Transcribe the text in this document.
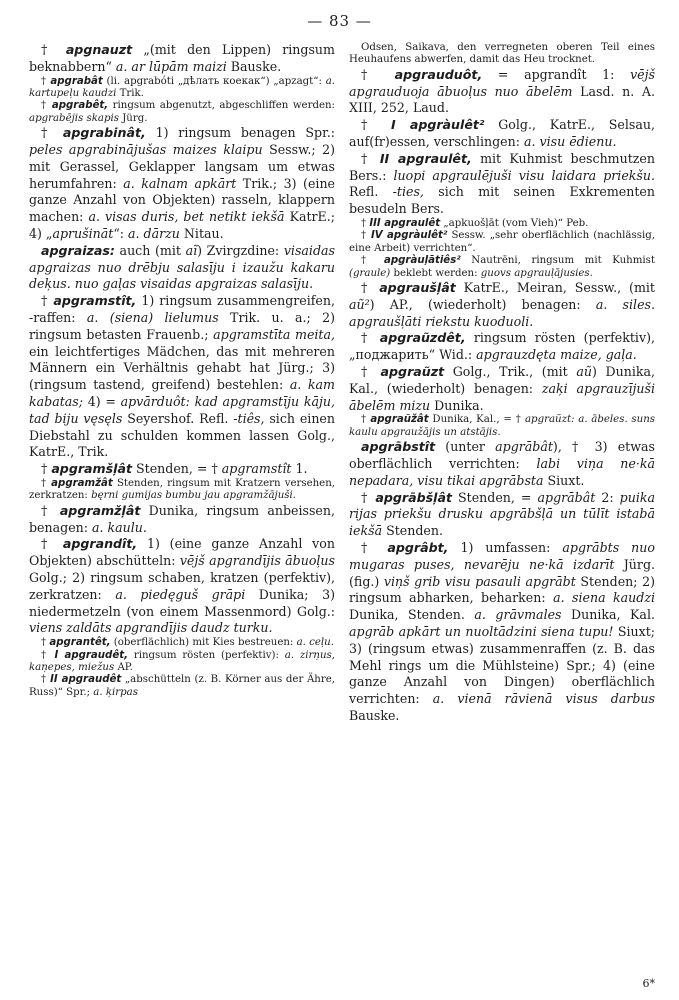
— 83 —

† apgnauzt „(mit den Lippen) ringsum beknabbern“ a. ar lūpām maizi Bauske.

† apgrabât (li. apgrabóti „дѣлать коекак“) „apzagt“: a. kartupeļu kaudzi Trik.

† apgrabêt, ringsum abgenutzt, abgeschliffen werden: apgrabējis skapis Jürg.

† apgrabinât, 1) ringsum benagen Spr.: peles apgrabinājušas maizes klaipu Sessw.; 2) mit Gerassel, Geklapper langsam um etwas herumfahren: a. kalnam apkārt Trik.; 3) (eine ganze Anzahl von Objekten) rasseln, klappern machen: a. visas duris, bet netikt iekšā KatrE.; 4) „aprušināt“: a. dārzu Nitau.

apgraizas: auch (mit aĩ) Zvirgzdine: visaidas apgraizas nuo drēbju salasīju i izaužu kakaru deķus. nuo gaļas visaidas apgraizas salasīju.

† apgramstît, 1) ringsum zusammengreifen, -raffen: a. (siena) lielumus Trik. u. a.; 2) ringsum betasten Frauenb.; apgramstīta meita, ein leichtfertiges Mädchen, das mit mehreren Männern ein Verhältnis gehabt hat Jürg.; 3) (ringsum tastend, greifend) bestehlen: a. kam kabatas; 4) = apvārduôt: kad apgramstīju kāju, tad biju vęsęls Seyershof. Refl. -tiês, sich einen Diebstahl zu schulden kommen lassen Golg., KatrE., Trik.

† apgramšļât Stenden, = † apgramstît 1.

† apgramžât Stenden, ringsum mit Kratzern versehen, zerkratzen: bęrni gumijas bumbu jau apgramžājuši.

† apgramžļât Dunika, ringsum anbeissen, benagen: a. kaulu.

† apgrandît, 1) (eine ganze Anzahl von Objekten) abschütteln: vējš apgrandījis ābuoļus Golg.; 2) ringsum schaben, kratzen (perfektiv), zerkratzen: a. piedęguš grāpi Dunika; 3) niedermetzeln (von einem Massenmord) Golg.: viens zaldāts apgrandījis daudz turku.

† apgrantêt, (oberflächlich) mit Kies bestreuen: a. ceļu.

† I apgraudêt, ringsum rösten (perfektiv): a. zirņus, kaņepes, miežus AP.

† II apgraudêt „abschütteln (z. B. Körner aus der Ähre, Russ)“ Spr.; a. ķirpas

Odsen, Saikava, den verregneten oberen Teil eines Heuhaufens abwerfen, damit das Heu trocknet.

† apgrauduôt, = apgrandît 1: vējš apgrauduoja ābuoļus nuo ābelēm Lasd. n. A. XIII, 252, Laud.

† I apgràulêt² Golg., KatrE., Selsau, auf(fr)essen, verschlingen: a. visu ēdienu.

† II apgraulêt, mit Kuhmist beschmutzen Bers.: luopi apgraulējuši visu laidara priekšu. Refl. -ties, sich mit seinen Exkrementen besudeln Bers.

† III apgraulêt „apkuošļāt (vom Vieh)“ Peb.

† IV apgràulêt² Sessw. „sehr oberflächlich (nachlässig, eine Arbeit) verrichten“.

† apgràuļātiês² Nautrēni, ringsum mit Kuhmist (graule) beklebt werden: guovs apgrauļājusies.

† apgraušļât KatrE., Meiran, Sessw., (mit aũ²) AP., (wiederholt) benagen: a. siles. apgraušļāti riekstu kuoduoli.

† apgraũzdêt, ringsum rösten (perfektiv), „поджарить“ Wid.: apgrauzdęta maize, gaļa.

† apgraũzt Golg., Trik., (mit aũ) Dunika, Kal., (wiederholt) benagen: zaķi apgrauzījuši ābelēm mizu Dunika.

† apgraũžât Dunika, Kal., = † apgraũzt: a. ābeles. suns kaulu apgraužājis un atstājis.

apgrābstît (unter apgrābât), † 3) etwas oberflächlich verrichten: labi viņa ne·kā nepadara, visu tikai apgrābsta Siuxt.

† apgrābšļât Stenden, = apgrābât 2: puika rijas priekšu drusku apgrābšļā un tūlīt istabā iekšā Stenden.

† apgrâbt, 1) umfassen: apgrābts nuo mugaras puses, nevarēju ne·kā izdarīt Jürg. (fig.) viņš grib visu pasauli apgrābt Stenden; 2) ringsum abharken, beharken: a. siena kaudzi Dunika, Stenden. a. grāvmales Dunika, Kal. apgrāb apkārt un nuoltādzini siena tupu! Siuxt; 3) (ringsum etwas) zusammenraffen (z. B. das Mehl rings um die Mühlsteine) Spr.; 4) (eine ganze Anzahl von Dingen) oberflächlich verrichten: a. vienā rāvienā visus darbus Bauske.

6*
